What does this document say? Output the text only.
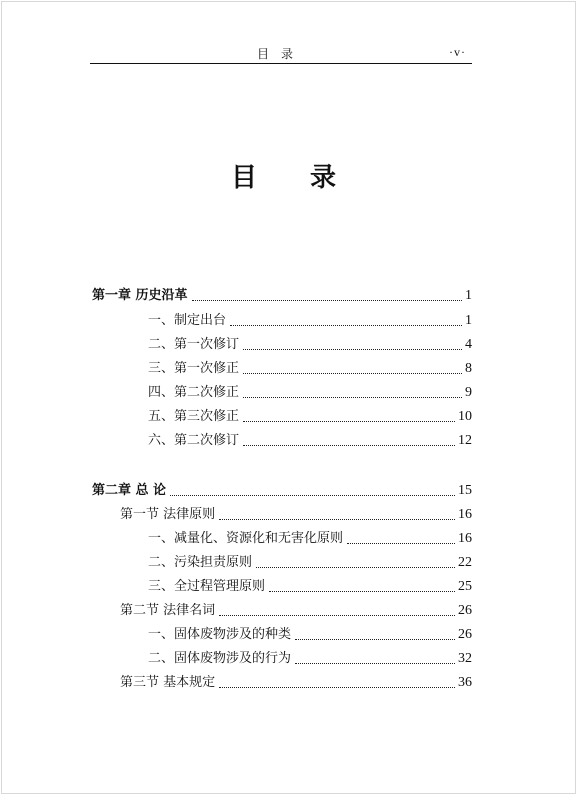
目录	·v·
目 录
第一章 历史沿革	1
一、制定出台	1
二、第一次修订	4
三、第一次修正	8
四、第二次修正	9
五、第三次修正	10
六、第二次修订	12
第二章 总 论	15
第一节 法律原则	16
一、减量化、资源化和无害化原则	16
二、污染担责原则	22
三、全过程管理原则	25
第二节 法律名词	26
一、固体废物涉及的种类	26
二、固体废物涉及的行为	32
第三节 基本规定	36
